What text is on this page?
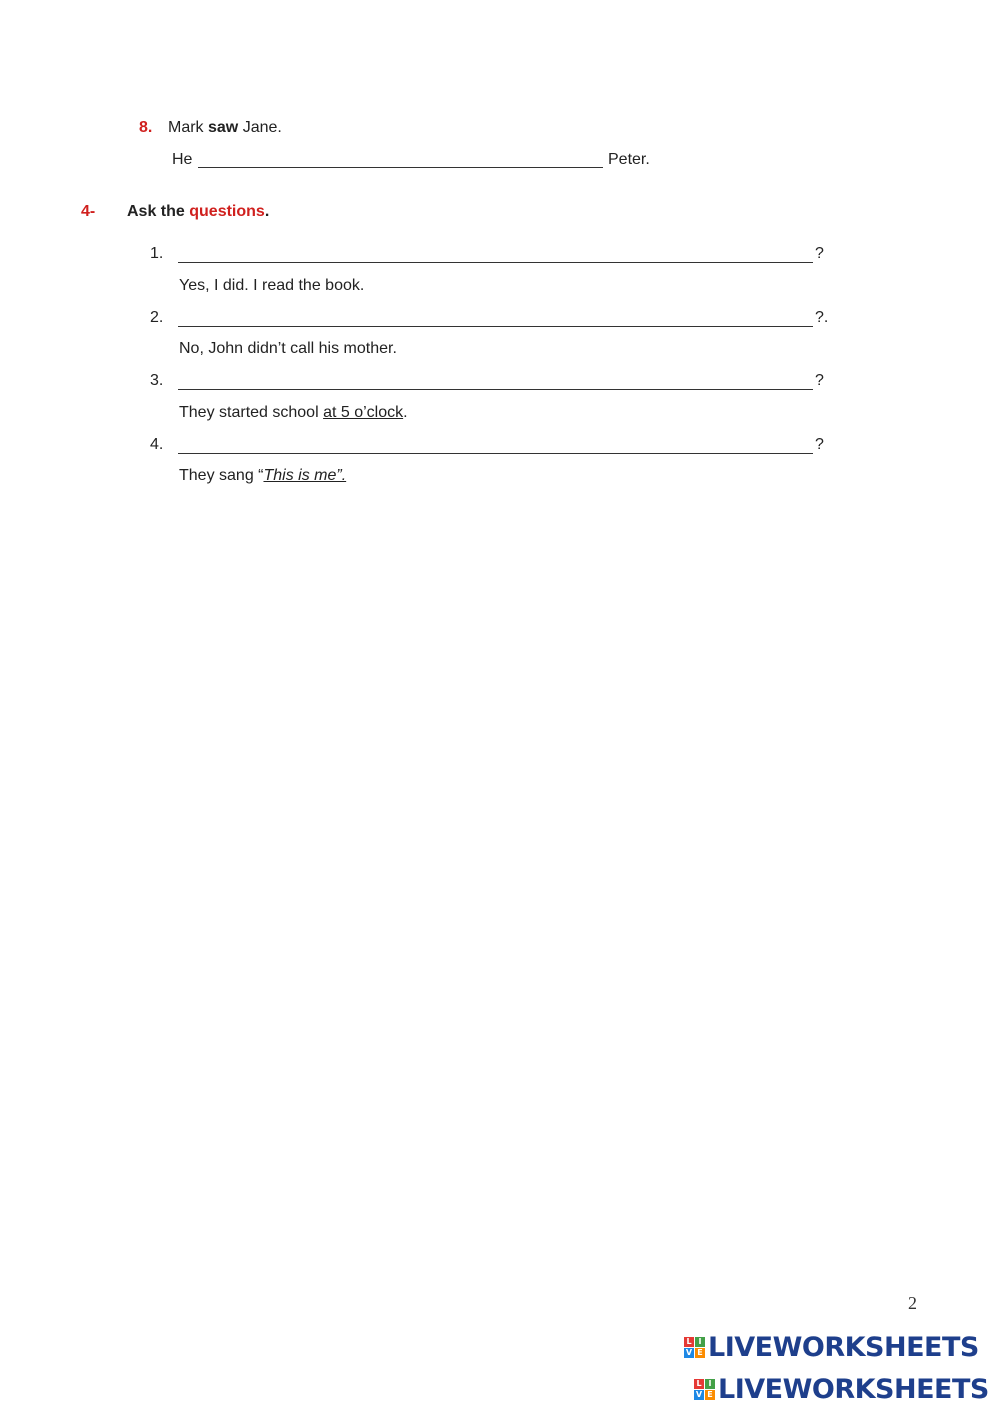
8. Mark saw Jane.
He	Peter.
4- Ask the questions.
1.	?
Yes, I did. I read the book.
2.	?.
No, John didn’t call his mother.
3.	?
They started school at 5 o’clock.
4.	?
They sang “This is me”.
2
L I
V E LIVEWORKSHEETS
L I
V E LIVEWORKSHEETS
